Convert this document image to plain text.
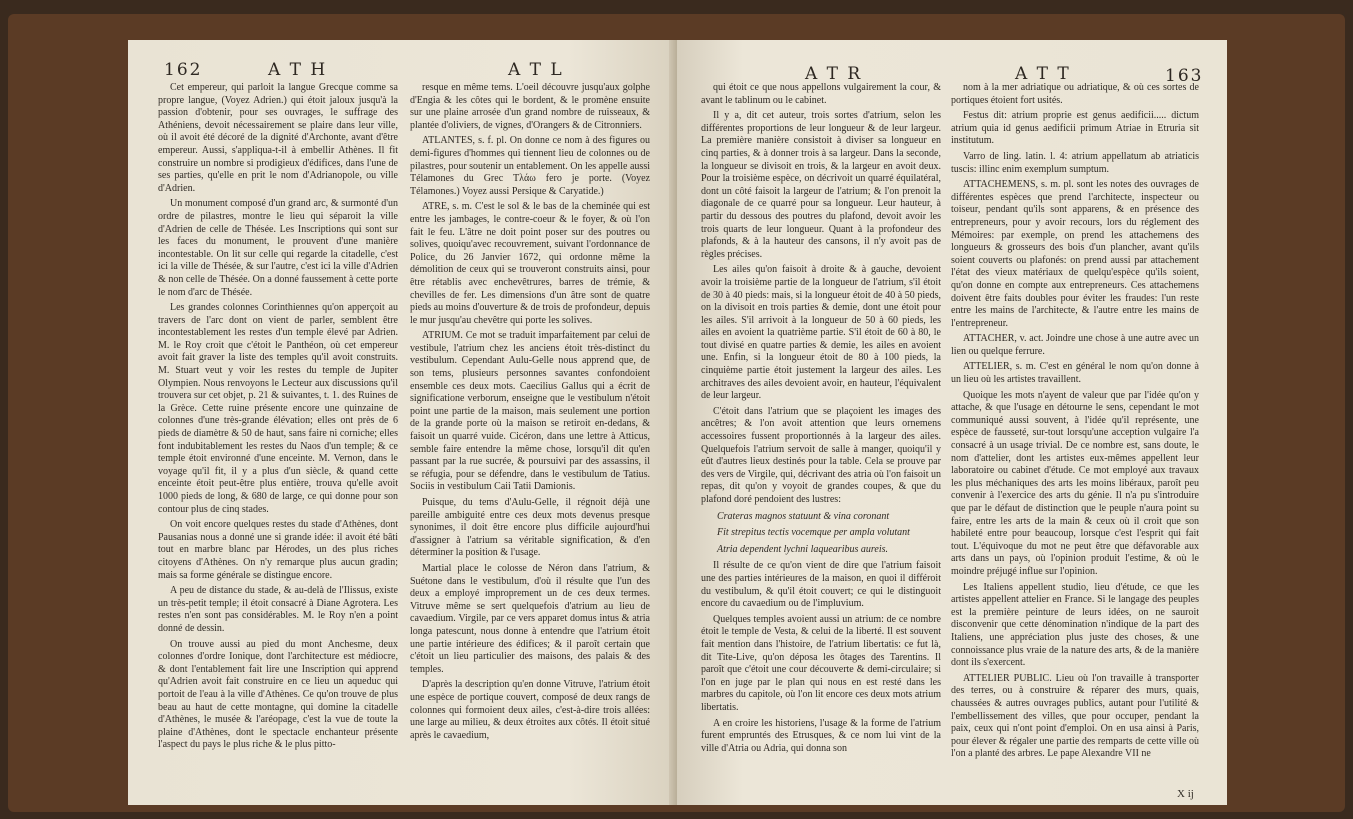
162	A T H	A T L

Cet empereur, qui parloit la langue Grecque comme sa propre langue, (Voyez Adrien.) qui étoit jaloux jusqu'à la passion d'obtenir, pour ses ouvrages, le suffrage des Athéniens, devoit nécessairement se plaire dans leur ville, où il avoit été décoré de la dignité d'Archonte, avant d'être empereur. Aussi, s'appliqua-t-il à embellir Athènes. Il fit construire un nombre si prodigieux d'édifices, dans l'une de ses parties, qu'elle en prit le nom d'Adrianopole, ou ville d'Adrien.

Un monument composé d'un grand arc, & surmonté d'un ordre de pilastres, montre le lieu qui séparoit la ville d'Adrien de celle de Thésée. Les Inscriptions qui sont sur les faces du monument, le prouvent d'une manière incontestable. On lit sur celle qui regarde la citadelle, c'est ici la ville de Thésée, & sur l'autre, c'est ici la ville d'Adrien & non celle de Thésée. On a donné faussement à cette porte le nom d'arc de Thésée.

Les grandes colonnes Corinthiennes qu'on apperçoit au travers de l'arc dont on vient de parler, semblent être incontestablement les restes d'un temple élevé par Adrien. M. le Roy croit que c'étoit le Panthéon, où cet empereur avoit fait graver la liste des temples qu'il avoit construits. M. Stuart veut y voir les restes du temple de Jupiter Olympien. Nous renvoyons le Lecteur aux discussions qu'il trouvera sur cet objet, p. 21 & suivantes, t. 1. des Ruines de la Grèce. Cette ruine présente encore une quinzaine de colonnes d'une très-grande élévation; elles ont près de 6 pieds de diamètre & 50 de haut, sans faire ni corniche; elles font indubitablement les restes du Naos d'un temple; & ce temple étoit environné d'une enceinte. M. Vernon, dans le voyage qu'il fit, il y a plus d'un siècle, & quand cette enceinte étoit peut-être plus entière, trouva qu'elle avoit 1000 pieds de long, & 680 de large, ce qui donne pour son contour plus de cinq stades.

On voit encore quelques restes du stade d'Athènes, dont Pausanias nous a donné une si grande idée: il avoit été bâti tout en marbre blanc par Hérodes, un des plus riches citoyens d'Athènes. On n'y remarque plus aucun gradin; mais sa forme générale se distingue encore.

A peu de distance du stade, & au-delà de l'Ilissus, existe un très-petit temple; il étoit consacré à Diane Agrotera. Les restes n'en sont pas considérables. M. le Roy n'en a point donné de dessin.

On trouve aussi au pied du mont Anchesme, deux colonnes d'ordre Ionique, dont l'architecture est médiocre, & dont l'entablement fait lire une Inscription qui apprend qu'Adrien avoit fait construire en ce lieu un aqueduc qui portoit de l'eau à la ville d'Athènes. Ce qu'on trouve de plus beau au haut de cette montagne, qui domine la citadelle d'Athènes, le musée & l'aréopage, c'est la vue de toute la plaine d'Athènes, dont le spectacle enchanteur présente l'aspect du pays le plus riche & le plus pitto-

resque en même tems. L'oeil découvre jusqu'aux golphe d'Engia & les côtes qui le bordent, & le promène ensuite sur une plaine arrosée d'un grand nombre de ruisseaux, & plantée d'oliviers, de vignes, d'Orangers & de Citronniers.

ATLANTES, s. f. pl. On donne ce nom à des figures ou demi-figures d'hommes qui tiennent lieu de colonnes ou de pilastres, pour soutenir un entablement. On les appelle aussi Télamones du Grec Τλάω fero je porte. (Voyez Télamones.) Voyez aussi Persique & Caryatide.)

ATRE, s. m. C'est le sol & le bas de la cheminée qui est entre les jambages, le contre-coeur & le foyer, & où l'on fait le feu. L'âtre ne doit point poser sur des poutres ou solives, quoiqu'avec recouvrement, suivant l'ordonnance de Police, du 26 Janvier 1672, qui ordonne même la démolition de ceux qui se trouveront construits ainsi, pour être rétablis avec enchevêtrures, barres de trémie, & chevilles de fer. Les dimensions d'un âtre sont de quatre pieds au moins d'ouverture & de trois de profondeur, depuis le mur jusqu'au chevêtre qui porte les solives.

ATRIUM. Ce mot se traduit imparfaitement par celui de vestibule, l'atrium chez les anciens étoit très-distinct du vestibulum. Cependant Aulu-Gelle nous apprend que, de son tems, plusieurs personnes savantes confondoient ensemble ces deux mots. Caecilius Gallus qui a écrit de significatione verborum, enseigne que le vestibulum n'étoit point une partie de la maison, mais seulement une portion de la grande porte où la maison se retiroit en-dedans, & faisoit un quarré vuide. Cicéron, dans une lettre à Atticus, semble faire entendre la même chose, lorsqu'il dit qu'en passant par la rue sucrée, & poursuivi par des assassins, il se réfugia, pour se défendre, dans le vestibulum de Tatius. Sociis in vestibulum Caii Tatii Damionis.

Puisque, du tems d'Aulu-Gelle, il régnoit déjà une pareille ambiguité entre ces deux mots devenus presque synonimes, il doit être encore plus difficile aujourd'hui d'assigner à l'atrium sa véritable signification, & d'en déterminer la position & l'usage.

Martial place le colosse de Néron dans l'atrium, & Suétone dans le vestibulum, d'où il résulte que l'un des deux a employé improprement un de ces deux termes. Vitruve même se sert quelquefois d'atrium au lieu de cavaedium. Virgile, par ce vers apparet domus intus & atria longa patescunt, nous donne à entendre que l'atrium étoit une partie intérieure des édifices; & il paroît certain que c'étoit un lieu particulier des maisons, des palais & des temples.

D'après la description qu'en donne Vitruve, l'atrium étoit une espèce de portique couvert, composé de deux rangs de colonnes qui formoient deux ailes, c'est-à-dire trois allées: une large au milieu, & deux étroites aux côtés. Il étoit situé après le cavaedium,

A T R	A T T	163

qui étoit ce que nous appellons vulgairement la cour, & avant le tablinum ou le cabinet.

Il y a, dit cet auteur, trois sortes d'atrium, selon les différentes proportions de leur longueur & de leur largeur. La première manière consistoit à diviser sa longueur en cinq parties, & à donner trois à sa largeur. Dans la seconde, la longueur se divisoit en trois, & la largeur en avoit deux. Pour la troisième espèce, on décrivoit un quarré équilatéral, dont un côté faisoit la largeur de l'atrium; & l'on prenoit la diagonale de ce quarré pour sa longueur. Leur hauteur, à partir du dessous des poutres du plafond, devoit avoir les trois quarts de leur longueur. Quant à la profondeur des plafonds, & à la hauteur des cansons, il n'y avoit pas de règles précises.

Les ailes qu'on faisoit à droite & à gauche, devoient avoir la troisième partie de la longueur de l'atrium, s'il étoit de 30 à 40 pieds: mais, si la longueur étoit de 40 à 50 pieds, on la divisoit en trois parties & demie, dont une étoit pour les ailes. S'il arrivoit à la longueur de 50 à 60 pieds, les ailes en avoient la quatrième partie. S'il étoit de 60 à 80, le tout divisé en quatre parties & demie, les ailes en avoient une. Enfin, si la longueur étoit de 80 à 100 pieds, la cinquième partie étoit justement la largeur des ailes. Les architraves des ailes devoient avoir, en hauteur, l'équivalent de leur largeur.

C'étoit dans l'atrium que se plaçoient les images des ancêtres; & l'on avoit attention que leurs ornemens accessoires fussent proportionnés à la largeur des ailes. Quelquefois l'atrium servoit de salle à manger, quoiqu'il y eût d'autres lieux destinés pour la table. Cela se prouve par des vers de Virgile, qui, décrivant des atria où l'on faisoit un repas, dit qu'on y voyoit de grandes coupes, & que du plafond doré pendoient des lustres:

Crateras magnos statuunt & vina coronant

Fit strepitus tectis vocemque per ampla volutant

Atria dependent lychni laquearibus aureis.

Il résulte de ce qu'on vient de dire que l'atrium faisoit une des parties intérieures de la maison, en quoi il différoit du vestibulum, & qu'il étoit couvert; ce qui le distinguoit encore du cavaedium ou de l'impluvium.

Quelques temples avoient aussi un atrium: de ce nombre étoit le temple de Vesta, & celui de la liberté. Il est souvent fait mention dans l'histoire, de l'atrium libertatis: ce fut là, dit Tite-Live, qu'on déposa les ôtages des Tarentins. Il paroît que c'étoit une cour découverte & demi-circulaire; si l'on en juge par le plan qui nous en est resté dans les marbres du capitole, où l'on lit encore ces deux mots atrium libertatis.

A en croire les historiens, l'usage & la forme de l'atrium furent empruntés des Etrusques, & ce nom lui vint de la ville d'Atria ou Adria, qui donna son

nom à la mer adriatique ou adriatique, & où ces sortes de portiques étoient fort usités.

Festus dit: atrium proprie est genus aedificii..... dictum atrium quia id genus aedificii primum Atriae in Etruria sit institutum.

Varro de ling. latin. l. 4: atrium appellatum ab atriaticis tuscis: illinc enim exemplum sumptum.

ATTACHEMENS, s. m. pl. sont les notes des ouvrages de différentes espèces que prend l'architecte, inspecteur ou toiseur, pendant qu'ils sont apparens, & en présence des entrepreneurs, pour y avoir recours, lors du réglement des Mémoires: par exemple, on prend les attachemens des longueurs & grosseurs des bois d'un plancher, avant qu'ils soient couverts ou plafonés: on prend aussi par attachement l'état des vieux matériaux de quelqu'espèce qu'ils soient, qu'on donne en compte aux entrepreneurs. Ces attachemens doivent être faits doubles pour éviter les fraudes: l'un reste entre les mains de l'architecte, & l'autre entre les mains de l'entrepreneur.

ATTACHER, v. act. Joindre une chose à une autre avec un lien ou quelque ferrure.

ATTELIER, s. m. C'est en général le nom qu'on donne à un lieu où les artistes travaillent.

Quoique les mots n'ayent de valeur que par l'idée qu'on y attache, & que l'usage en détourne le sens, cependant le mot communiqué aussi souvent, à l'idée qu'il représente, une espèce de fausseté, sur-tout lorsqu'une acception vulgaire l'a consacré à un usage trivial. De ce nombre est, sans doute, le nom d'attelier, dont les artistes eux-mêmes appellent leur laboratoire ou cabinet d'étude. Ce mot employé aux travaux les plus méchaniques des arts les moins libéraux, paroît peu convenir à l'exercice des arts du génie. Il n'a pu s'introduire que par le défaut de distinction que le peuple n'aura point su faire, entre les arts de la main & ceux où il croit que son habileté entre pour beaucoup, lorsque c'est l'esprit qui fait tout. L'équivoque du mot ne peut être que défavorable aux arts dans un pays, où l'opinion produit l'estime, & où le moindre préjugé influe sur l'opinion.

Les Italiens appellent studio, lieu d'étude, ce que les artistes appellent attelier en France. Si le langage des peuples est la première peinture de leurs idées, on ne sauroit disconvenir que cette dénomination n'indique de la part des Italiens, une appréciation plus juste des choses, & une connoissance plus vraie de la nature des arts, & de la manière dont ils s'exercent.

ATTELIER PUBLIC. Lieu où l'on travaille à transporter des terres, ou à construire & réparer des murs, quais, chaussées & autres ouvrages publics, autant pour l'utilité & l'embellissement des villes, que pour occuper, pendant la paix, ceux qui n'ont point d'emploi. On en usa ainsi à Paris, pour élever & régaler une partie des remparts de cette ville où l'on a planté des arbres. Le pape Alexandre VII ne

X ij
